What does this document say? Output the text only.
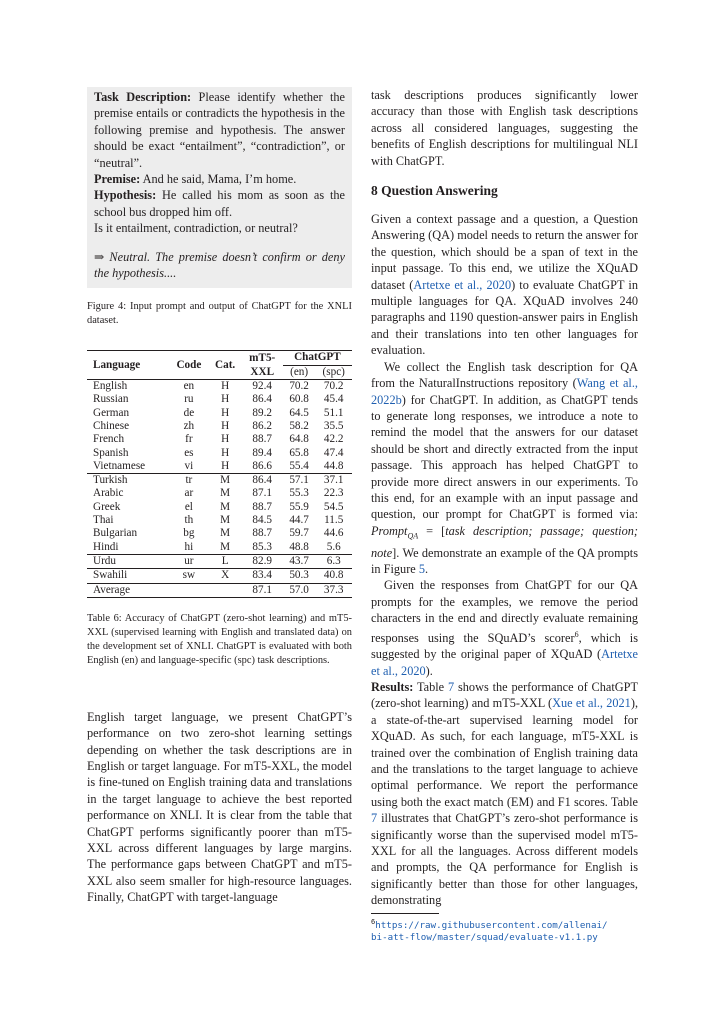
Task Description: Please identify whether the premise entails or contradicts the hypothesis in the following premise and hypothesis. The answer should be exact “entailment”, “contradiction”, or “neutral”.

Premise: And he said, Mama, I’m home.

Hypothesis: He called his mom as soon as the school bus dropped him off.

Is it entailment, contradiction, or neutral?

⇒ Neutral. The premise doesn’t confirm or deny the hypothesis....

Figure 4: Input prompt and output of ChatGPT for the XNLI dataset.

Language	Code	Cat.	mT5-	ChatGPT	
			XXL	(en)	(spc)
English	en	H	92.4	70.2	70.2
Russian	ru	H	86.4	60.8	45.4
German	de	H	89.2	64.5	51.1
Chinese	zh	H	86.2	58.2	35.5
French	fr	H	88.7	64.8	42.2
Spanish	es	H	89.4	65.8	47.4
Vietnamese	vi	H	86.6	55.4	44.8
Turkish	tr	M	86.4	57.1	37.1
Arabic	ar	M	87.1	55.3	22.3
Greek	el	M	88.7	55.9	54.5
Thai	th	M	84.5	44.7	11.5
Bulgarian	bg	M	88.7	59.7	44.6
Hindi	hi	M	85.3	48.8	5.6
Urdu	ur	L	82.9	43.7	6.3
Swahili	sw	X	83.4	50.3	40.8
Average			87.1	57.0	37.3

Table 6: Accuracy of ChatGPT (zero-shot learning) and mT5-XXL (supervised learning with English and translated data) on the development set of XNLI. ChatGPT is evaluated with both English (en) and language-specific (spc) task descriptions.

English target language, we present ChatGPT’s performance on two zero-shot learning settings depending on whether the task descriptions are in English or target language. For mT5-XXL, the model is fine-tuned on English training data and translations in the target language to achieve the best reported performance on XNLI. It is clear from the table that ChatGPT performs significantly poorer than mT5-XXL across different languages by large margins. The performance gaps between ChatGPT and mT5-XXL also seem smaller for high-resource languages. Finally, ChatGPT with target-language

task descriptions produces significantly lower accuracy than those with English task descriptions across all considered languages, suggesting the benefits of English descriptions for multilingual NLI with ChatGPT.

8 Question Answering

Given a context passage and a question, a Question Answering (QA) model needs to return the answer for the question, which should be a span of text in the input passage. To this end, we utilize the XQuAD dataset (Artetxe et al., 2020) to evaluate ChatGPT in multiple languages for QA. XQuAD involves 240 paragraphs and 1190 question-answer pairs in English and their translations into ten other languages for evaluation.

We collect the English task description for QA from the NaturalInstructions repository (Wang et al., 2022b) for ChatGPT. In addition, as ChatGPT tends to generate long responses, we introduce a note to remind the model that the answers for our dataset should be short and directly extracted from the input passage. This approach has helped ChatGPT to provide more direct answers in our experiments. To this end, for an example with an input passage and question, our prompt for ChatGPT is formed via: Prompt$_{QA}$ = [task description; passage; question; note]. We demonstrate an example of the QA prompts in Figure 5.

Given the responses from ChatGPT for our QA prompts for the examples, we remove the period characters in the end and directly evaluate remaining responses using the SQuAD’s scorer$^6$, which is suggested by the original paper of XQuAD (Artetxe et al., 2020).

Results: Table 7 shows the performance of ChatGPT (zero-shot learning) and mT5-XXL (Xue et al., 2021), a state-of-the-art supervised learning model for XQuAD. As such, for each language, mT5-XXL is trained over the combination of English training data and the translations to the target language to achieve optimal performance. We report the performance using both the exact match (EM) and F1 scores. Table 7 illustrates that ChatGPT’s zero-shot performance is significantly worse than the supervised model mT5-XXL for all the languages. Across different models and prompts, the QA performance for English is significantly better than those for other languages, demonstrating

$^6$https://raw.githubusercontent.com/allenai/
bi-att-flow/master/squad/evaluate-v1.1.py
